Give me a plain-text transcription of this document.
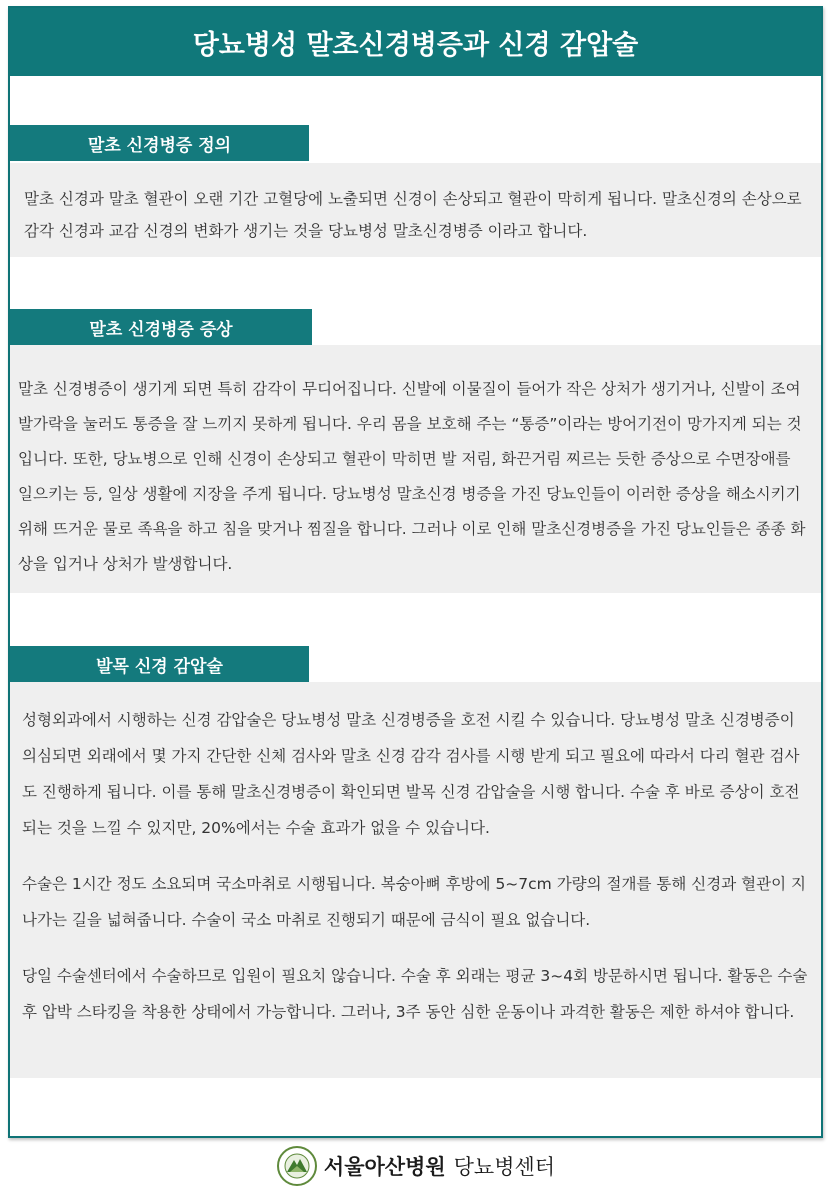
당뇨병성 말초신경병증과 신경 감압술
말초 신경병증 정의

말초 신경과 말초 혈관이 오랜 기간 고혈당에 노출되면 신경이 손상되고 혈관이 막히게 됩니다. 말초신경의 손상으로 감각 신경과 교감 신경의 변화가 생기는 것을 당뇨병성 말초신경병증 이라고 합니다.

말초 신경병증 증상

말초 신경병증이 생기게 되면 특히 감각이 무디어집니다. 신발에 이물질이 들어가 작은 상처가 생기거나, 신발이 조여 발가락을 눌러도 통증을 잘 느끼지 못하게 됩니다. 우리 몸을 보호해 주는 “통증”이라는 방어기전이 망가지게 되는 것입니다. 또한, 당뇨병으로 인해 신경이 손상되고 혈관이 막히면 발 저림, 화끈거림 찌르는 듯한 증상으로 수면장애를 일으키는 등, 일상 생활에 지장을 주게 됩니다. 당뇨병성 말초신경 병증을 가진 당뇨인들이 이러한 증상을 해소시키기 위해 뜨거운 물로 족욕을 하고 침을 맞거나 찜질을 합니다. 그러나 이로 인해 말초신경병증을 가진 당뇨인들은 종종 화상을 입거나 상처가 발생합니다.

발목 신경 감압술

성형외과에서 시행하는 신경 감압술은 당뇨병성 말초 신경병증을 호전 시킬 수 있습니다. 당뇨병성 말초 신경병증이 의심되면 외래에서 몇 가지 간단한 신체 검사와 말초 신경 감각 검사를 시행 받게 되고 필요에 따라서 다리 혈관 검사도 진행하게 됩니다. 이를 통해 말초신경병증이 확인되면 발목 신경 감압술을 시행 합니다. 수술 후 바로 증상이 호전 되는 것을 느낄 수 있지만, 20%에서는 수술 효과가 없을 수 있습니다.

수술은 1시간 정도 소요되며 국소마취로 시행됩니다. 복숭아뼈 후방에 5~7cm 가량의 절개를 통해 신경과 혈관이 지나가는 길을 넓혀줍니다. 수술이 국소 마취로 진행되기 때문에 금식이 필요 없습니다.

당일 수술센터에서 수술하므로 입원이 필요치 않습니다. 수술 후 외래는 평균 3~4회 방문하시면 됩니다. 활동은 수술 후 압박 스타킹을 착용한 상태에서 가능합니다. 그러나, 3주 동안 심한 운동이나 과격한 활동은 제한 하셔야 합니다.

서울아산병원 당뇨병센터
